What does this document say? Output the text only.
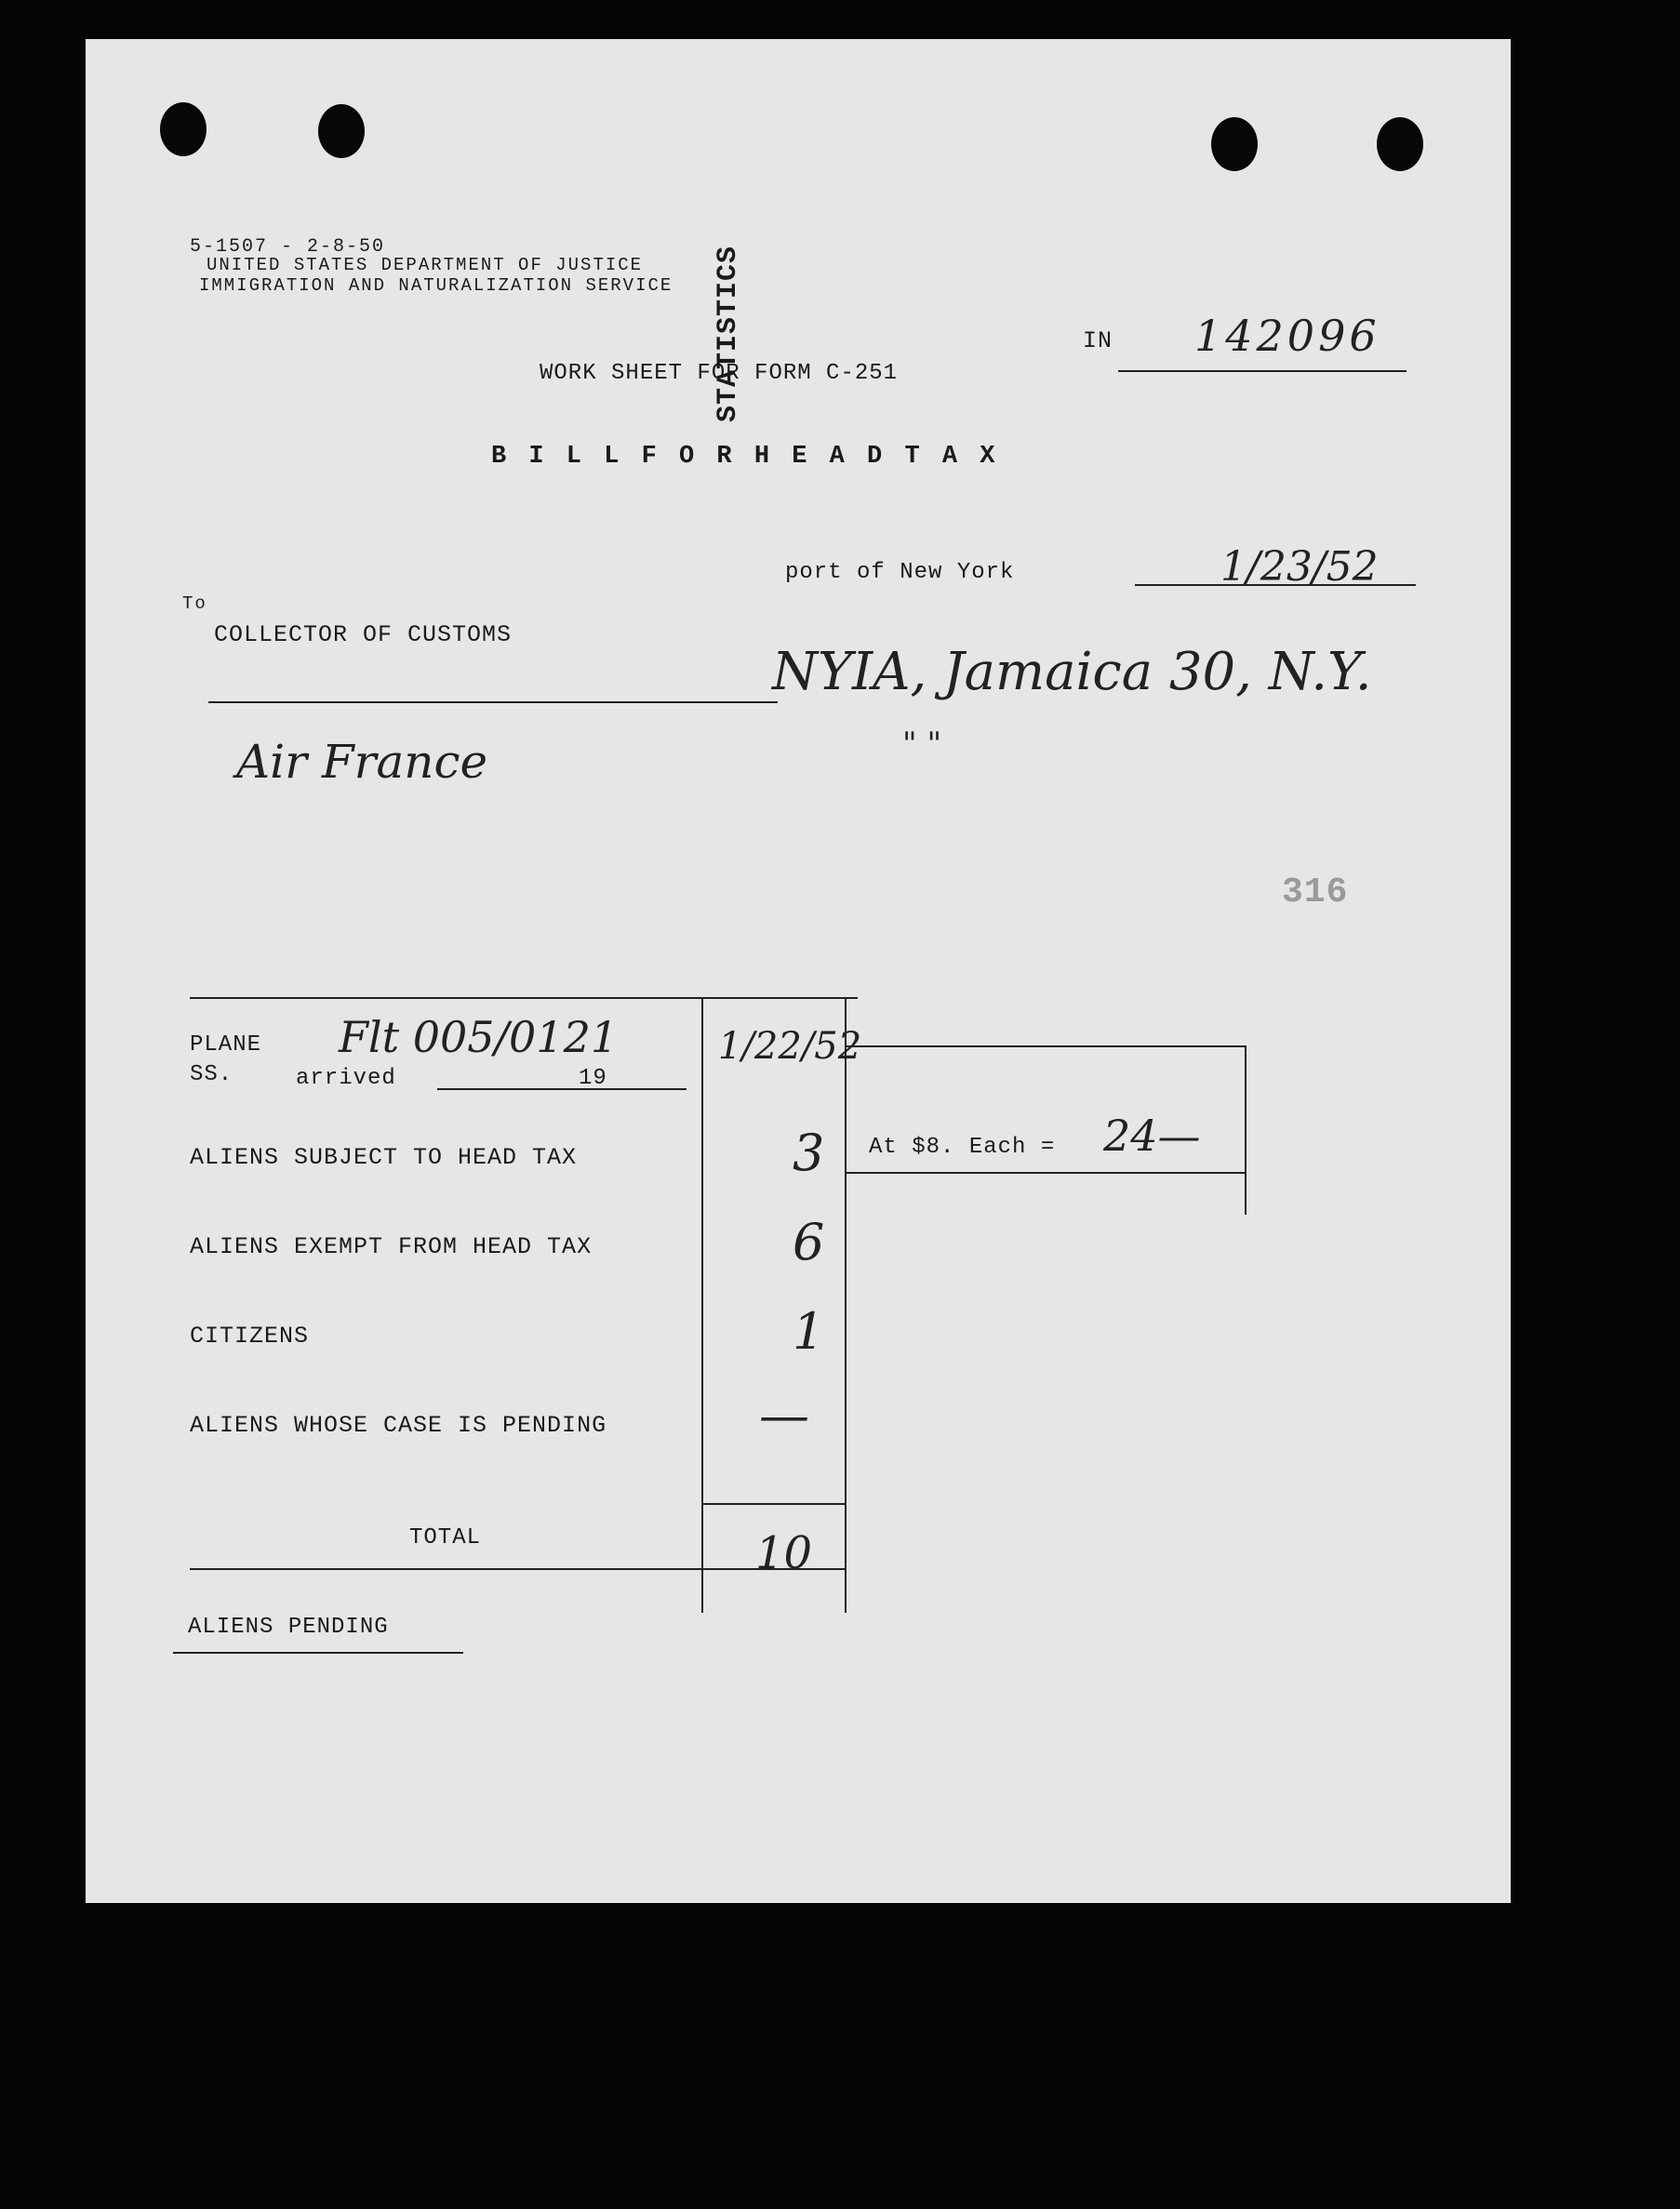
5-1507 - 2-8-50
UNITED STATES DEPARTMENT OF JUSTICE
IMMIGRATION AND NATURALIZATION SERVICE STATISTICS
WORK SHEET FOR FORM C-251
B I L L F O R H E A D T A X
IN 142096
port of New York	1/23/52
To
COLLECTOR OF CUSTOMS
NYIA, Jamaica 30, N.Y.
" "
Air France
316
PLANE Flt 005/0121
SS.	arrived	19
1/22/52
At $8. Each = 24—
ALIENS SUBJECT TO HEAD TAX	3
ALIENS EXEMPT FROM HEAD TAX	6
CITIZENS	1
ALIENS WHOSE CASE IS PENDING	—
TOTAL	10
ALIENS PENDING
